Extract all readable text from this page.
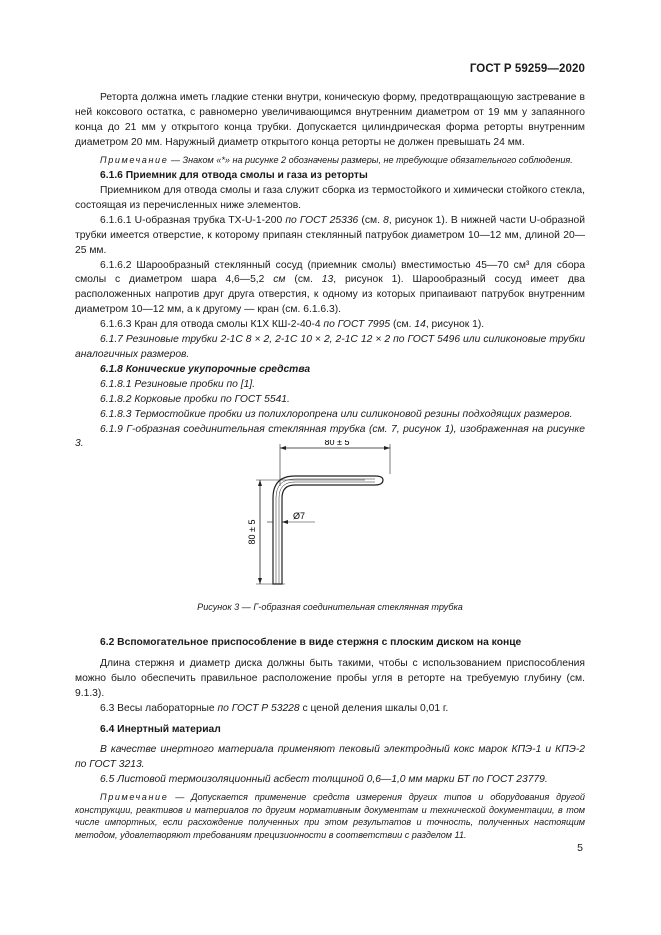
ГОСТ Р 59259—2020

Реторта должна иметь гладкие стенки внутри, коническую форму, предотвращающую застревание в ней коксового остатка, с равномерно увеличивающимся внутренним диаметром от 19 мм у запаянного конца до 21 мм у открытого конца трубки. Допускается цилиндрическая форма реторты внутренним диаметром 20 мм. Наружный диаметр открытого конца реторты не должен превышать 24 мм.

Примечание — Знаком «*» на рисунке 2 обозначены размеры, не требующие обязательного соблюдения.

6.1.6 Приемник для отвода смолы и газа из реторты

Приемником для отвода смолы и газа служит сборка из термостойкого и химически стойкого стекла, состоящая из перечисленных ниже элементов.

6.1.6.1 U-образная трубка ТХ-U-1-200 по ГОСТ 25336 (см. 8, рисунок 1). В нижней части U-образной трубки имеется отверстие, к которому припаян стеклянный патрубок диаметром 10—12 мм, длиной 20—25 мм.

6.1.6.2 Шарообразный стеклянный сосуд (приемник смолы) вместимостью 45—70 см³ для сбора смолы с диаметром шара 4,6—5,2 см (см. 13, рисунок 1). Шарообразный сосуд имеет два расположенных напротив друг друга отверстия, к одному из которых припаивают патрубок внутренним диаметром 10—12 мм, а к другому — кран (см. 6.1.6.3).

6.1.6.3 Кран для отвода смолы К1Х КШ-2-40-4 по ГОСТ 7995 (см. 14, рисунок 1).

6.1.7 Резиновые трубки 2-1С 8 × 2, 2-1С 10 × 2, 2-1С 12 × 2 по ГОСТ 5496 или силиконовые трубки аналогичных размеров.

6.1.8 Конические укупорочные средства

6.1.8.1 Резиновые пробки по [1].

6.1.8.2 Корковые пробки по ГОСТ 5541.

6.1.8.3 Термостойкие пробки из полихлоропрена или силиконовой резины подходящих размеров.

6.1.9 Г-образная соединительная стеклянная трубка (см. 7, рисунок 1), изображенная на рисунке 3.	80 ± 5
80 ± 5
Ø7
Рисунок 3 — Г-образная соединительная стеклянная трубка

6.2 Вспомогательное приспособление в виде стержня с плоским диском на конце

Длина стержня и диаметр диска должны быть такими, чтобы с использованием приспособления можно было обеспечить правильное расположение пробы угля в реторте на требуемую глубину (см. 9.1.3).

6.3 Весы лабораторные по ГОСТ Р 53228 с ценой деления шкалы 0,01 г.

6.4 Инертный материал

В качестве инертного материала применяют пековый электродный кокс марок КПЭ-1 и КПЭ-2 по ГОСТ 3213.

6.5 Листовой термоизоляционный асбест толщиной 0,6—1,0 мм марки БТ по ГОСТ 23779.

Примечание — Допускается применение средств измерения других типов и оборудования другой конструкции, реактивов и материалов по другим нормативным документам и технической документации, в том числе импортных, если расхождение полученных при этом результатов и точность, полученных настоящим методом, удовлетворяют требованиям прецизионности в соответствии с разделом 11.

5
